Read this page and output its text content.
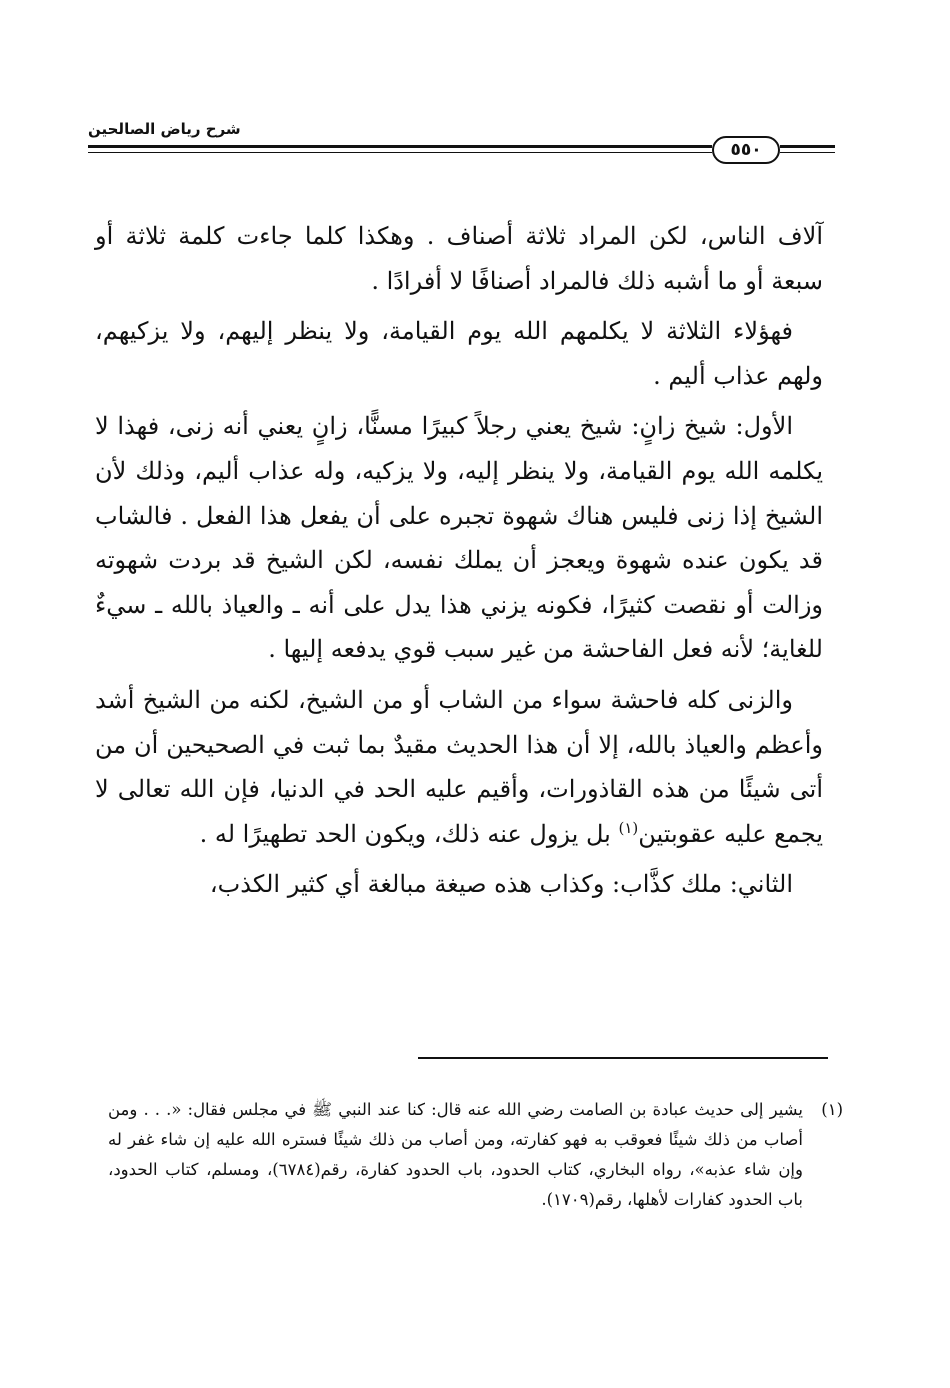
شرح رياض الصالحين
٥٥٠

آلاف الناس، لكن المراد ثلاثة أصناف . وهكذا كلما جاءت كلمة ثلاثة أو سبعة أو ما أشبه ذلك فالمراد أصنافًا لا أفرادًا .

فهؤلاء الثلاثة لا يكلمهم الله يوم القيامة، ولا ينظر إليهم، ولا يزكيهم، ولهم عذاب أليم .

الأول: شيخ زانٍ: شيخ يعني رجلاً كبيرًا مسنًّا، زانٍ يعني أنه زنى، فهذا لا يكلمه الله يوم القيامة، ولا ينظر إليه، ولا يزكيه، وله عذاب أليم، وذلك لأن الشيخ إذا زنى فليس هناك شهوة تجبره على أن يفعل هذا الفعل . فالشاب قد يكون عنده شهوة ويعجز أن يملك نفسه، لكن الشيخ قد بردت شهوته وزالت أو نقصت كثيرًا، فكونه يزني هذا يدل على أنه ـ والعياذ بالله ـ سيءٌ للغاية؛ لأنه فعل الفاحشة من غير سبب قوي يدفعه إليها .

والزنى كله فاحشة سواء من الشاب أو من الشيخ، لكنه من الشيخ أشد وأعظم والعياذ بالله، إلا أن هذا الحديث مقيدٌ بما ثبت في الصحيحين أن من أتى شيئًا من هذه القاذورات، وأقيم عليه الحد في الدنيا، فإن الله تعالى لا يجمع عليه عقوبتين$^{(١)}$ بل يزول عنه ذلك، ويكون الحد تطهيرًا له .

الثاني: ملك كذَّاب: وكذاب هذه صيغة مبالغة أي كثير الكذب،

(١)
يشير إلى حديث عبادة بن الصامت رضي الله عنه قال: كنا عند النبي ﷺ في مجلس فقال: «. . . ومن أصاب من ذلك شيئًا فعوقب به فهو كفارته، ومن أصاب من ذلك شيئًا فستره الله عليه إن شاء غفر له وإن شاء عذبه»، رواه البخاري، كتاب الحدود، باب الحدود كفارة، رقم(٦٧٨٤)، ومسلم، كتاب الحدود، باب الحدود كفارات لأهلها، رقم(١٧٠٩).
